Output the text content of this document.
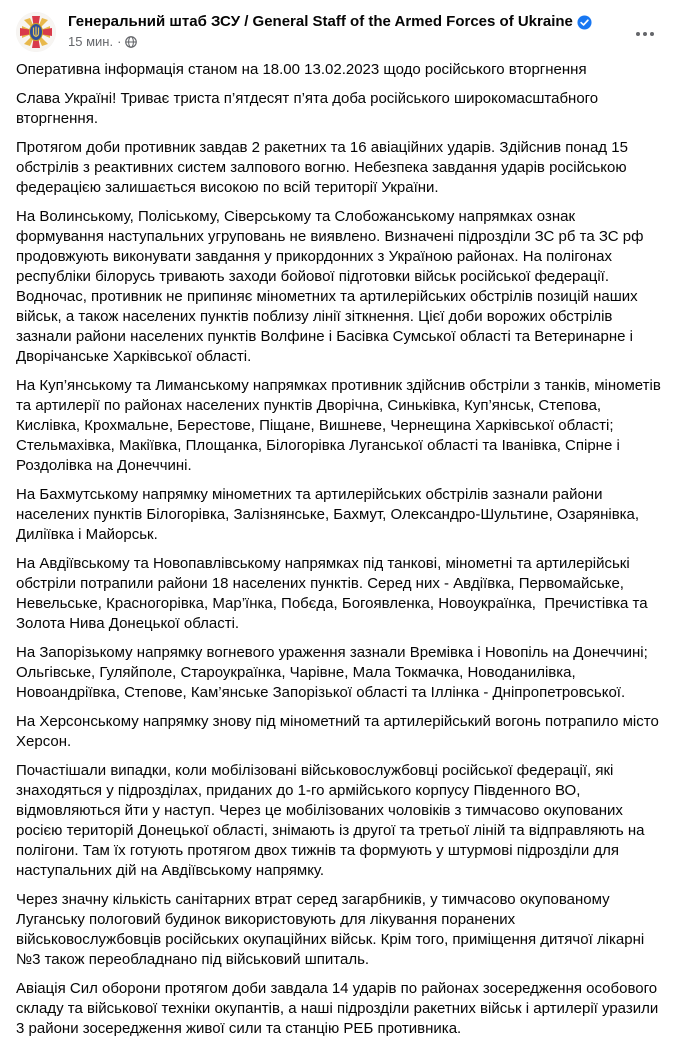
Генеральний штаб ЗСУ / General Staff of the Armed Forces of Ukraine
15 мин. ·

Оперативна інформація станом на 18.00 13.02.2023 щодо російського вторгнення

Слава Україні! Триває триста п’ятдесят п’ята доба російського широкомасштабного вторгнення.

Протягом доби противник завдав 2 ракетних та 16 авіаційних ударів. Здійснив понад 15 обстрілів з реактивних систем залпового вогню. Небезпека завдання ударів російською федерацією залишається високою по всій території України.

На Волинському, Поліському, Сіверському та Слобожанському напрямках ознак формування наступальних угруповань не виявлено. Визначені підрозділи ЗС рб та ЗС рф продовжують виконувати завдання у прикордонних з Україною районах. На полігонах республіки білорусь тривають заходи бойової підготовки військ російської федерації. Водночас, противник не припиняє мінометних та артилерійських обстрілів позицій наших військ, а також населених пунктів поблизу лінії зіткнення. Цієї доби ворожих обстрілів зазнали райони населених пунктів Волфине і Басівка Сумської області та Ветеринарне і Дворічанське Харківської області.

На Куп’янському та Лиманському напрямках противник здійснив обстріли з танків, мінометів та артилерії по районах населених пунктів Дворічна, Синьківка, Куп’янськ, Степова, Кислівка, Крохмальне, Берестове, Піщане, Вишневе, Чернещина Харківської області; Стельмахівка, Макіївка, Площанка, Білогорівка Луганської області та Іванівка, Спірне і Роздолівка на Донеччині.

На Бахмутському напрямку мінометних та артилерійських обстрілів зазнали райони населених пунктів Білогорівка, Залізнянське, Бахмут, Олександро-Шультине, Озарянівка, Диліївка і Майорськ.

На Авдіївському та Новопавлівському напрямках під танкові, мінометні та артилерійські обстріли потрапили райони 18 населених пунктів. Серед них - Авдіївка, Первомайське, Невельське, Красногорівка, Мар’їнка, Побєда, Богоявленка, Новоукраїнка,  Пречистівка та Золота Нива Донецької області.

На Запорізькому напрямку вогневого ураження зазнали Времівка і Новопіль на Донеччині; Ольгівське, Гуляйполе, Староукраїнка, Чарівне, Мала Токмачка, Новоданилівка, Новоандріївка, Степове, Кам’янське Запорізької області та Іллінка - Дніпропетровської.

На Херсонському напрямку знову під мінометний та артилерійський вогонь потрапило місто Херсон.

Почастішали випадки, коли мобілізовані військовослужбовці російської федерації, які знаходяться у підрозділах, приданих до 1-го армійського корпусу Південного ВО, відмовляються йти у наступ. Через це мобілізованих чоловіків з тимчасово окупованих росією територій Донецької області, знімають із другої та третьої ліній та відправляють на полігони. Там їх готують протягом двох тижнів та формують у штурмові підрозділи для наступальних дій на Авдіївському напрямку.

Через значну кількість санітарних втрат серед загарбників, у тимчасово окупованому Луганську пологовий будинок використовують для лікування поранених військовослужбовців російських окупаційних військ. Крім того, приміщення дитячої лікарні №3 також переобладнано під військовий шпиталь.

Авіація Сил оборони протягом доби завдала 14 ударів по районах зосередження особового складу та військової техніки окупантів, а наші підрозділи ракетних військ і артилерії уразили 3 райони зосередження живої сили та станцію РЕБ противника.
